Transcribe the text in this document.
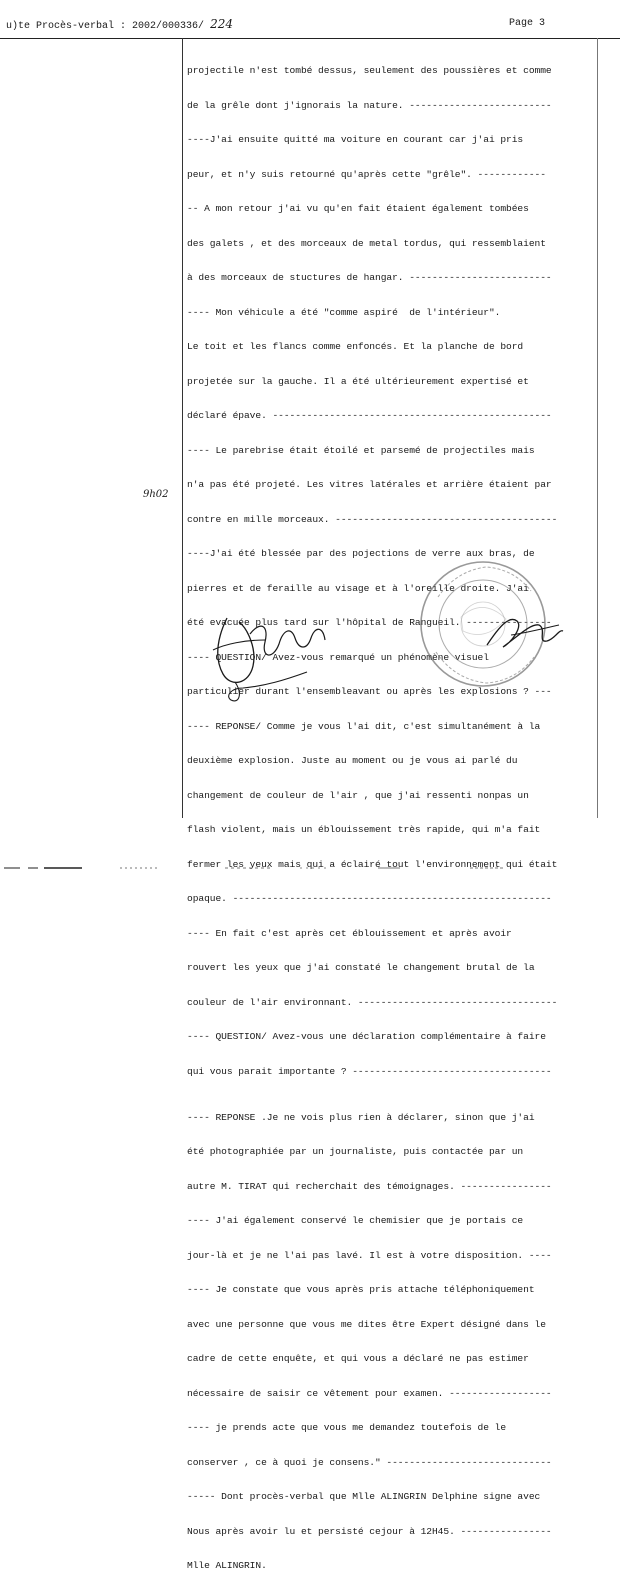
u)te Procès-verbal : 2002/000336/ 224	Page 3
9h02

projectile n'est tombé dessus, seulement des poussières et comme

de la grêle dont j'ignorais la nature. -------------------------

----J'ai ensuite quitté ma voiture en courant car j'ai pris

peur, et n'y suis retourné qu'après cette "grêle". ------------

-- A mon retour j'ai vu qu'en fait étaient également tombées

des galets , et des morceaux de metal tordus, qui ressemblaient

à des morceaux de stuctures de hangar. -------------------------

---- Mon véhicule a été "comme aspiré  de l'intérieur".

Le toit et les flancs comme enfoncés. Et la planche de bord

projetée sur la gauche. Il a été ultérieurement expertisé et

déclaré épave. -------------------------------------------------

---- Le parebrise était étoilé et parsemé de projectiles mais

n'a pas été projeté. Les vitres latérales et arrière étaient par

contre en mille morceaux. ---------------------------------------

----J'ai été blessée par des pojections de verre aux bras, de

pierres et de feraille au visage et à l'oreille droite. J'ai

été evacuée plus tard sur l'hôpital de Rangueil. ---------------

---- QUESTION/ Avez-vous remarqué un phénomène visuel

particulier durant l'ensembleavant ou après les explosions ? ---

---- REPONSE/ Comme je vous l'ai dit, c'est simultanément à la

deuxième explosion. Juste au moment ou je vous ai parlé du

changement de couleur de l'air , que j'ai ressenti nonpas un

flash violent, mais un éblouissement très rapide, qui m'a fait

fermer les yeux mais qui a éclairé tout l'environnement qui était

opaque. --------------------------------------------------------

---- En fait c'est après cet éblouissement et après avoir

rouvert les yeux que j'ai constaté le changement brutal de la

couleur de l'air environnant. -----------------------------------

---- QUESTION/ Avez-vous une déclaration complémentaire à faire

qui vous parait importante ? -----------------------------------

---- REPONSE .Je ne vois plus rien à déclarer, sinon que j'ai

été photographiée par un journaliste, puis contactée par un

autre M. TIRAT qui recherchait des témoignages. ----------------

---- J'ai également conservé le chemisier que je portais ce

jour-là et je ne l'ai pas lavé. Il est à votre disposition. ----

---- Je constate que vous après pris attache téléphoniquement

avec une personne que vous me dites être Expert désigné dans le

cadre de cette enquête, et qui vous a déclaré ne pas estimer

nécessaire de saisir ce vêtement pour examen. ------------------

---- je prends acte que vous me demandez toutefois de le

conserver , ce à quoi je consens." -----------------------------

----- Dont procès-verbal que Mlle ALINGRIN Delphine signe avec

Nous après avoir lu et persisté cejour à 12H45. ----------------

Mlle ALINGRIN.
